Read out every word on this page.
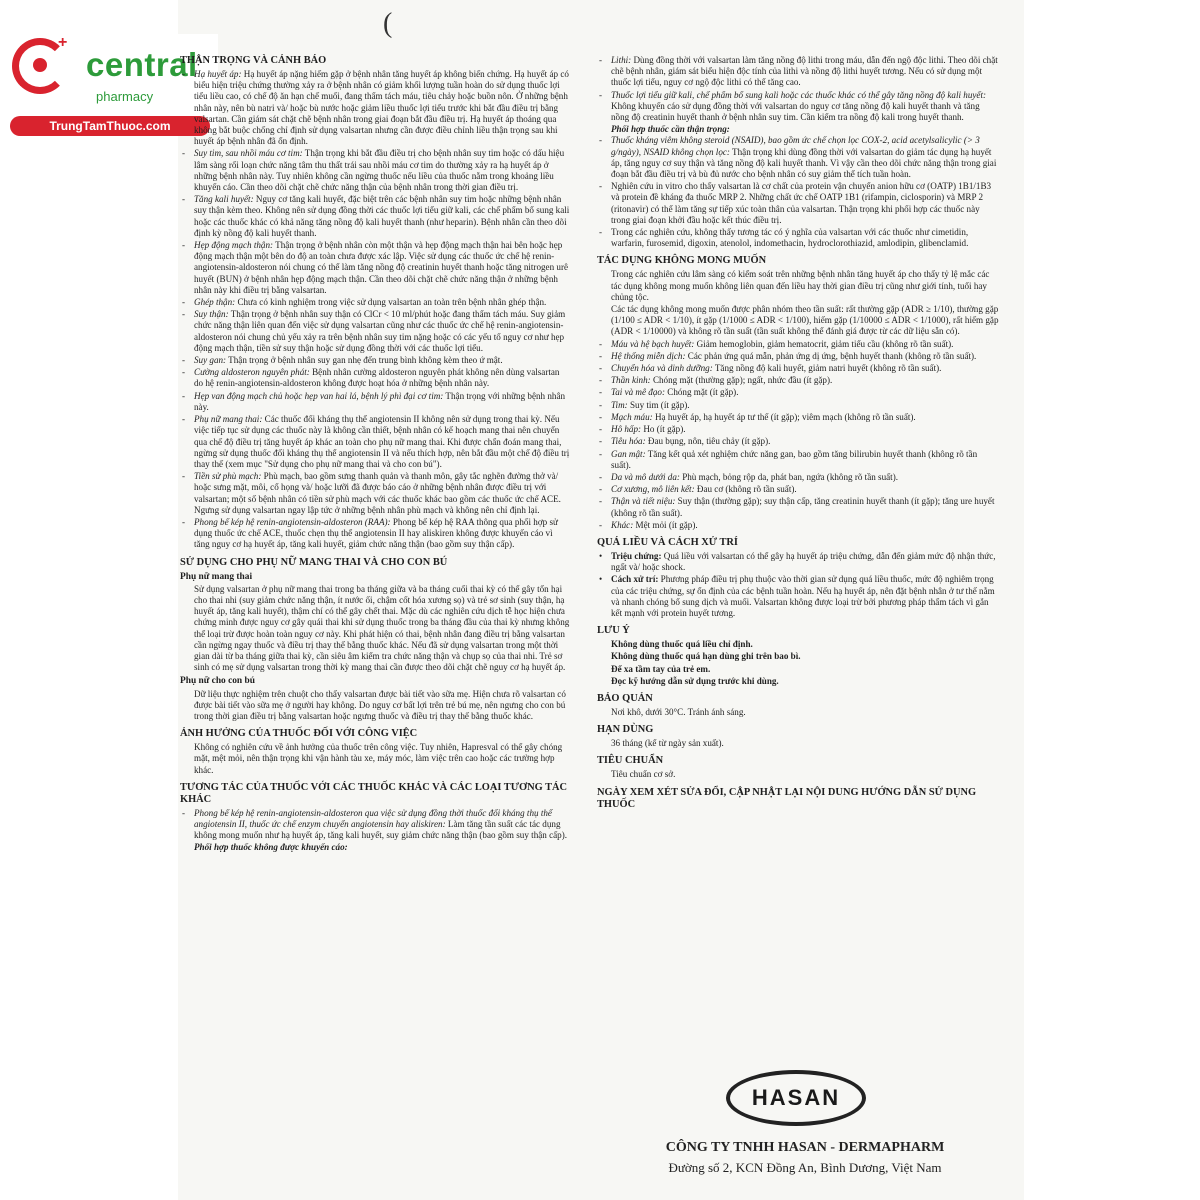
(
+
central
pharmacy
TrungTamThuoc.com
THẬN TRỌNG VÀ CẢNH BÁO
- Hạ huyết áp: Hạ huyết áp nặng hiếm gặp ở bệnh nhân tăng huyết áp không biến chứng. Hạ huyết áp có biểu hiện triệu chứng thường xảy ra ở bệnh nhân có giảm khối lượng tuần hoàn do sử dụng thuốc lợi tiểu liều cao, có chế độ ăn hạn chế muối, đang thẩm tách máu, tiêu chảy hoặc buồn nôn. Ở những bệnh nhân này, nên bù natri và/ hoặc bù nước hoặc giảm liều thuốc lợi tiểu trước khi bắt đầu điều trị bằng valsartan. Cần giám sát chặt chẽ bệnh nhân trong giai đoạn bắt đầu điều trị. Hạ huyết áp thoáng qua không bắt buộc chống chỉ định sử dụng valsartan nhưng cần được điều chỉnh liều thận trọng sau khi huyết áp bệnh nhân đã ổn định.
- Suy tim, sau nhồi máu cơ tim: Thận trọng khi bắt đầu điều trị cho bệnh nhân suy tim hoặc có dấu hiệu lâm sàng rối loạn chức năng tâm thu thất trái sau nhồi máu cơ tim do thường xảy ra hạ huyết áp ở những bệnh nhân này. Tuy nhiên không cần ngừng thuốc nếu liều của thuốc nằm trong khoảng liều khuyến cáo. Cần theo dõi chặt chẽ chức năng thận của bệnh nhân trong thời gian điều trị.
- Tăng kali huyết: Nguy cơ tăng kali huyết, đặc biệt trên các bệnh nhân suy tim hoặc những bệnh nhân suy thận kèm theo. Không nên sử dụng đồng thời các thuốc lợi tiểu giữ kali, các chế phẩm bổ sung kali hoặc các thuốc khác có khả năng tăng nồng độ kali huyết thanh (như heparin). Bệnh nhân cần theo dõi định kỳ nồng độ kali huyết thanh.
- Hẹp động mạch thận: Thận trọng ở bệnh nhân còn một thận và hẹp động mạch thận hai bên hoặc hẹp động mạch thận một bên do độ an toàn chưa được xác lập. Việc sử dụng các thuốc ức chế hệ renin-angiotensin-aldosteron nói chung có thể làm tăng nồng độ creatinin huyết thanh hoặc tăng nitrogen urê huyết (BUN) ở bệnh nhân hẹp động mạch thận. Cần theo dõi chặt chẽ chức năng thận ở những bệnh nhân này khi điều trị bằng valsartan.
- Ghép thận: Chưa có kinh nghiệm trong việc sử dụng valsartan an toàn trên bệnh nhân ghép thận.
- Suy thận: Thận trọng ở bệnh nhân suy thận có ClCr < 10 ml/phút hoặc đang thẩm tách máu. Suy giảm chức năng thận liên quan đến việc sử dụng valsartan cũng như các thuốc ức chế hệ renin-angiotensin-aldosteron nói chung chủ yếu xảy ra trên bệnh nhân suy tim nặng hoặc có các yếu tố nguy cơ như hẹp động mạch thận, tiền sử suy thận hoặc sử dụng đồng thời với các thuốc lợi tiểu.
- Suy gan: Thận trọng ở bệnh nhân suy gan nhẹ đến trung bình không kèm theo ứ mật.
- Cường aldosteron nguyên phát: Bệnh nhân cường aldosteron nguyên phát không nên dùng valsartan do hệ renin-angiotensin-aldosteron không được hoạt hóa ở những bệnh nhân này.
- Hẹp van động mạch chủ hoặc hẹp van hai lá, bệnh lý phì đại cơ tim: Thận trọng với những bệnh nhân này.
- Phụ nữ mang thai: Các thuốc đối kháng thụ thể angiotensin II không nên sử dụng trong thai kỳ. Nếu việc tiếp tục sử dụng các thuốc này là không cần thiết, bệnh nhân có kế hoạch mang thai nên chuyển qua chế độ điều trị tăng huyết áp khác an toàn cho phụ nữ mang thai. Khi được chẩn đoán mang thai, ngừng sử dụng thuốc đối kháng thụ thể angiotensin II và nếu thích hợp, nên bắt đầu một chế độ điều trị thay thế (xem mục "Sử dụng cho phụ nữ mang thai và cho con bú").
- Tiền sử phù mạch: Phù mạch, bao gồm sưng thanh quản và thanh môn, gây tắc nghẽn đường thở và/ hoặc sưng mặt, môi, cổ họng và/ hoặc lưỡi đã được báo cáo ở những bệnh nhân được điều trị với valsartan; một số bệnh nhân có tiền sử phù mạch với các thuốc khác bao gồm các thuốc ức chế ACE. Ngưng sử dụng valsartan ngay lập tức ở những bệnh nhân phù mạch và không nên chỉ định lại.
- Phong bế kép hệ renin-angiotensin-aldosteron (RAA): Phong bế kép hệ RAA thông qua phối hợp sử dụng thuốc ức chế ACE, thuốc chẹn thụ thể angiotensin II hay aliskiren không được khuyến cáo vì tăng nguy cơ hạ huyết áp, tăng kali huyết, giảm chức năng thận (bao gồm suy thận cấp).
SỬ DỤNG CHO PHỤ NỮ MANG THAI VÀ CHO CON BÚ
Phụ nữ mang thai
Sử dụng valsartan ở phụ nữ mang thai trong ba tháng giữa và ba tháng cuối thai kỳ có thể gây tổn hại cho thai nhi (suy giảm chức năng thận, ít nước ối, chậm cốt hóa xương sọ) và trẻ sơ sinh (suy thận, hạ huyết áp, tăng kali huyết), thậm chí có thể gây chết thai. Mặc dù các nghiên cứu dịch tễ học hiện chưa chứng minh được nguy cơ gây quái thai khi sử dụng thuốc trong ba tháng đầu của thai kỳ nhưng không thể loại trừ được hoàn toàn nguy cơ này. Khi phát hiện có thai, bệnh nhân đang điều trị bằng valsartan cần ngừng ngay thuốc và điều trị thay thế bằng thuốc khác. Nếu đã sử dụng valsartan trong một thời gian dài từ ba tháng giữa thai kỳ, cần siêu âm kiểm tra chức năng thận và chụp sọ của thai nhi. Trẻ sơ sinh có mẹ sử dụng valsartan trong thời kỳ mang thai cần được theo dõi chặt chẽ nguy cơ hạ huyết áp.
Phụ nữ cho con bú
Dữ liệu thực nghiệm trên chuột cho thấy valsartan được bài tiết vào sữa mẹ. Hiện chưa rõ valsartan có được bài tiết vào sữa mẹ ở người hay không. Do nguy cơ bất lợi trên trẻ bú mẹ, nên ngưng cho con bú trong thời gian điều trị bằng valsartan hoặc ngưng thuốc và điều trị thay thế bằng thuốc khác.
ẢNH HƯỞNG CỦA THUỐC ĐỐI VỚI CÔNG VIỆC
Không có nghiên cứu về ảnh hưởng của thuốc trên công việc. Tuy nhiên, Hapresval có thể gây chóng mặt, mệt mỏi, nên thận trọng khi vận hành tàu xe, máy móc, làm việc trên cao hoặc các trường hợp khác.
TƯƠNG TÁC CỦA THUỐC VỚI CÁC THUỐC KHÁC VÀ CÁC LOẠI TƯƠNG TÁC KHÁC
- Phong bế kép hệ renin-angiotensin-aldosteron qua việc sử dụng đồng thời thuốc đối kháng thụ thể angiotensin II, thuốc ức chế enzym chuyển angiotensin hay aliskiren: Làm tăng tần suất các tác dụng không mong muốn như hạ huyết áp, tăng kali huyết, suy giảm chức năng thận (bao gồm suy thận cấp).
Phối hợp thuốc không được khuyến cáo:
- Lithi: Dùng đồng thời với valsartan làm tăng nồng độ lithi trong máu, dẫn đến ngộ độc lithi. Theo dõi chặt chẽ bệnh nhân, giám sát biểu hiện độc tính của lithi và nồng độ lithi huyết tương. Nếu có sử dụng một thuốc lợi tiểu, nguy cơ ngộ độc lithi có thể tăng cao.
- Thuốc lợi tiểu giữ kali, chế phẩm bổ sung kali hoặc các thuốc khác có thể gây tăng nồng độ kali huyết: Không khuyến cáo sử dụng đồng thời với valsartan do nguy cơ tăng nồng độ kali huyết thanh và tăng nồng độ creatinin huyết thanh ở bệnh nhân suy tim. Cần kiểm tra nồng độ kali trong huyết thanh.
Phối hợp thuốc cần thận trọng:
- Thuốc kháng viêm không steroid (NSAID), bao gồm ức chế chọn lọc COX-2, acid acetylsalicylic (> 3 g/ngày), NSAID không chọn lọc: Thận trọng khi dùng đồng thời với valsartan do giảm tác dụng hạ huyết áp, tăng nguy cơ suy thận và tăng nồng độ kali huyết thanh. Vì vậy cần theo dõi chức năng thận trong giai đoạn bắt đầu điều trị và bù đủ nước cho bệnh nhân có suy giảm thể tích tuần hoàn.
- Nghiên cứu in vitro cho thấy valsartan là cơ chất của protein vận chuyển anion hữu cơ (OATP) 1B1/1B3 và protein đề kháng đa thuốc MRP 2. Những chất ức chế OATP 1B1 (rifampin, ciclosporin) và MRP 2 (ritonavir) có thể làm tăng sự tiếp xúc toàn thân của valsartan. Thận trọng khi phối hợp các thuốc này trong giai đoạn khởi đầu hoặc kết thúc điều trị.
- Trong các nghiên cứu, không thấy tương tác có ý nghĩa của valsartan với các thuốc như cimetidin, warfarin, furosemid, digoxin, atenolol, indomethacin, hydroclorothiazid, amlodipin, glibenclamid.
TÁC DỤNG KHÔNG MONG MUỐN
Trong các nghiên cứu lâm sàng có kiểm soát trên những bệnh nhân tăng huyết áp cho thấy tỷ lệ mắc các tác dụng không mong muốn không liên quan đến liều hay thời gian điều trị cũng như giới tính, tuổi hay chủng tộc.
Các tác dụng không mong muốn được phân nhóm theo tần suất: rất thường gặp (ADR ≥ 1/10), thường gặp (1/100 ≤ ADR < 1/10), ít gặp (1/1000 ≤ ADR < 1/100), hiếm gặp (1/10000 ≤ ADR < 1/1000), rất hiếm gặp (ADR < 1/10000) và không rõ tần suất (tần suất không thể đánh giá được từ các dữ liệu sẵn có).
- Máu và hệ bạch huyết: Giảm hemoglobin, giảm hematocrit, giảm tiểu cầu (không rõ tần suất).
- Hệ thống miễn dịch: Các phản ứng quá mẫn, phản ứng dị ứng, bệnh huyết thanh (không rõ tần suất).
- Chuyển hóa và dinh dưỡng: Tăng nồng độ kali huyết, giảm natri huyết (không rõ tần suất).
- Thần kinh: Chóng mặt (thường gặp); ngất, nhức đầu (ít gặp).
- Tai và mê đạo: Chóng mặt (ít gặp).
- Tim: Suy tim (ít gặp).
- Mạch máu: Hạ huyết áp, hạ huyết áp tư thế (ít gặp); viêm mạch (không rõ tần suất).
- Hô hấp: Ho (ít gặp).
- Tiêu hóa: Đau bụng, nôn, tiêu chảy (ít gặp).
- Gan mật: Tăng kết quả xét nghiệm chức năng gan, bao gồm tăng bilirubin huyết thanh (không rõ tần suất).
- Da và mô dưới da: Phù mạch, bỏng rộp da, phát ban, ngứa (không rõ tần suất).
- Cơ xương, mô liên kết: Đau cơ (không rõ tần suất).
- Thận và tiết niệu: Suy thận (thường gặp); suy thận cấp, tăng creatinin huyết thanh (ít gặp); tăng ure huyết (không rõ tần suất).
- Khác: Mệt mỏi (ít gặp).
QUÁ LIỀU VÀ CÁCH XỬ TRÍ
• Triệu chứng: Quá liều với valsartan có thể gây hạ huyết áp triệu chứng, dẫn đến giảm mức độ nhận thức, ngất và/ hoặc shock.
• Cách xử trí: Phương pháp điều trị phụ thuộc vào thời gian sử dụng quá liều thuốc, mức độ nghiêm trọng của các triệu chứng, sự ổn định của các bệnh tuần hoàn. Nếu hạ huyết áp, nên đặt bệnh nhân ở tư thế nằm và nhanh chóng bổ sung dịch và muối. Valsartan không được loại trừ bởi phương pháp thẩm tách vì gắn kết mạnh với protein huyết tương.
LƯU Ý
Không dùng thuốc quá liều chỉ định.
Không dùng thuốc quá hạn dùng ghi trên bao bì.
Để xa tầm tay của trẻ em.
Đọc kỹ hướng dẫn sử dụng trước khi dùng.
BẢO QUẢN
Nơi khô, dưới 30°C. Tránh ánh sáng.
HẠN DÙNG
36 tháng (kể từ ngày sản xuất).
TIÊU CHUẨN
Tiêu chuẩn cơ sở.
NGÀY XEM XÉT SỬA ĐỔI, CẬP NHẬT LẠI NỘI DUNG HƯỚNG DẪN SỬ DỤNG THUỐC
HASAN
CÔNG TY TNHH HASAN - DERMAPHARM
Đường số 2, KCN Đồng An, Bình Dương, Việt Nam
